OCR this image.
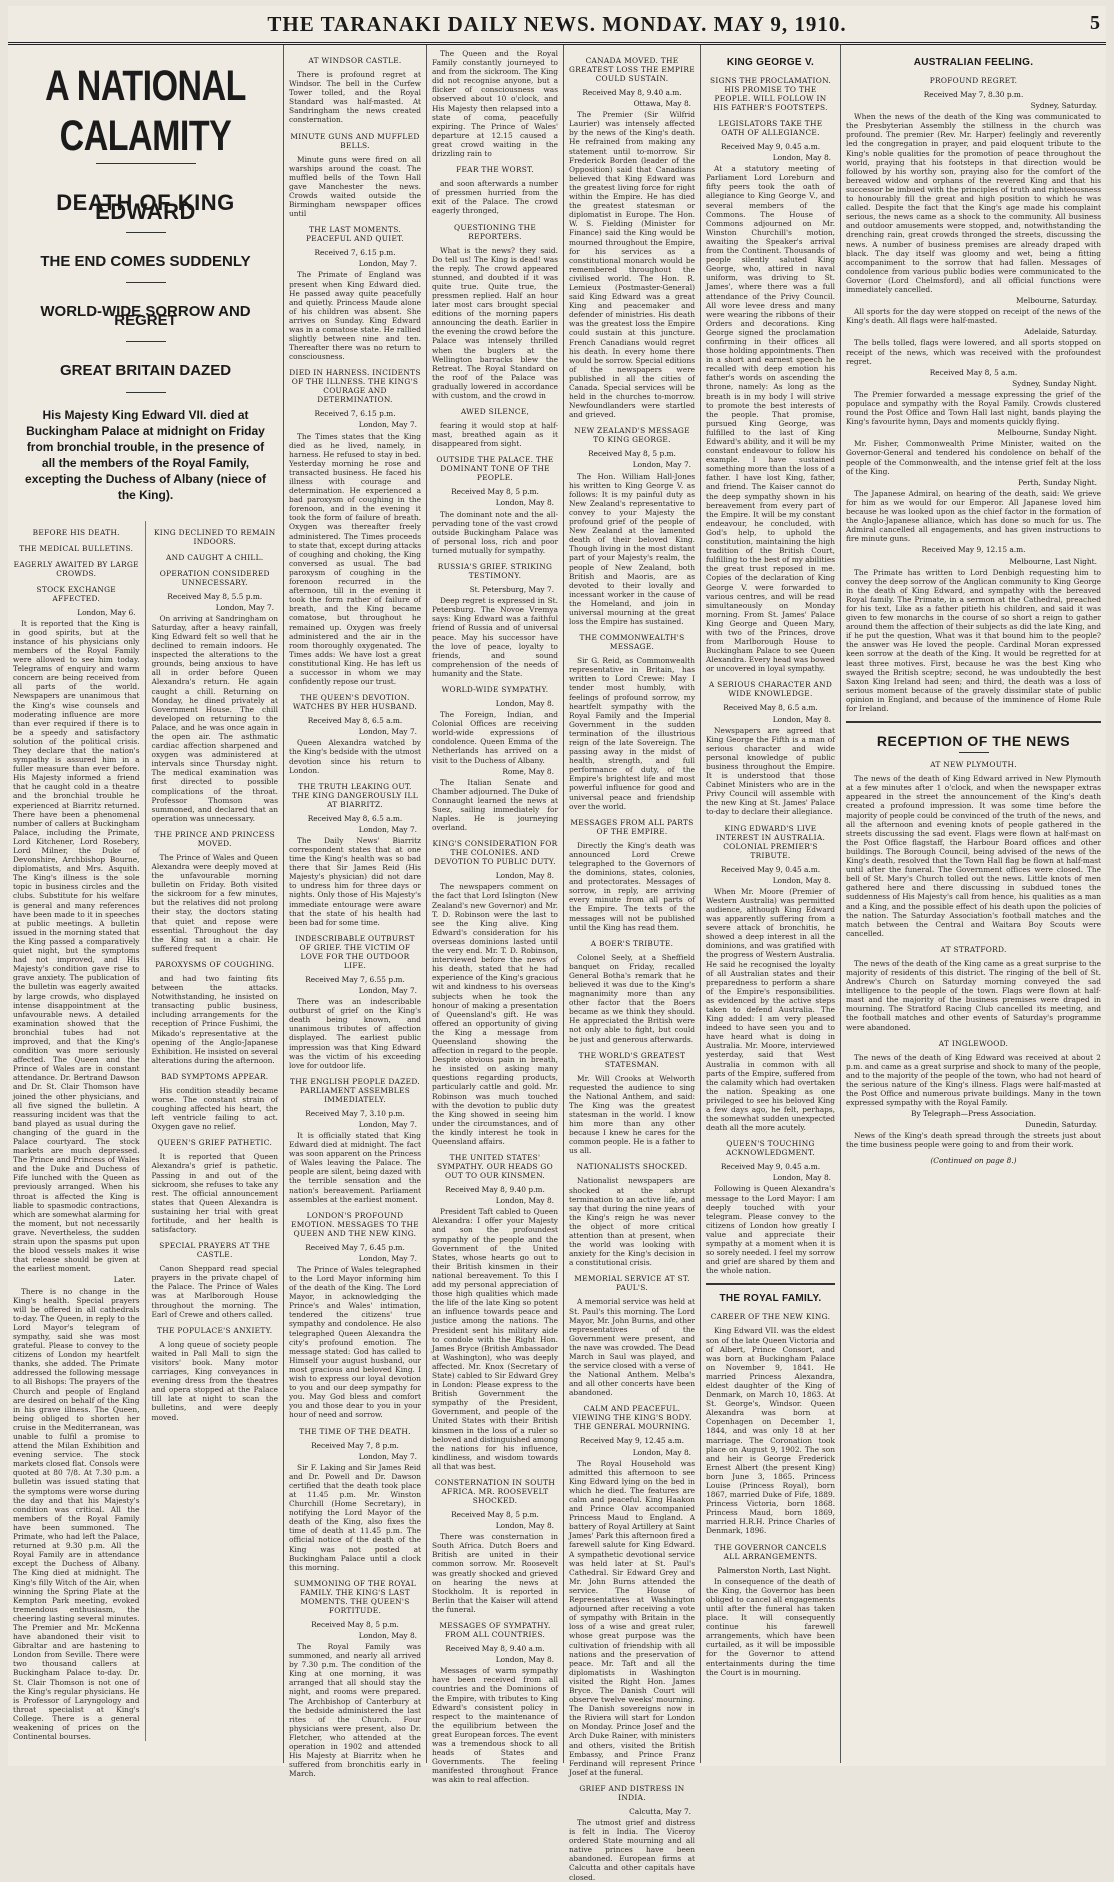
THE TARANAKI DAILY NEWS. MONDAY. MAY 9, 1910.	5
A NATIONAL CALAMITY
DEATH OF KING EDWARD
THE END COMES SUDDENLY
WORLD-WIDE SORROW AND REGRET
GREAT BRITAIN DAZED
His Majesty King Edward VII. died at Buckingham Palace at midnight on Friday from bronchial trouble, in the presence of all the members of the Royal Family, excepting the Duchess of Albany (niece of the King).
BEFORE HIS DEATH.
THE MEDICAL BULLETINS.
EAGERLY AWAITED BY LARGE CROWDS.
STOCK EXCHANGE AFFECTED.
London, May 6.

It is reported that the King is in good spirits, but at the instance of his physicians only members of the Royal Family were allowed to see him today. Telegrams of enquiry and warm concern are being received from all parts of the world. Newspapers are unanimous that the King's wise counsels and moderating influence are more than ever required if there is to be a speedy and satisfactory solution of the political crisis. They declare that the nation's sympathy is assured him in a fuller measure than ever before. His Majesty informed a friend that he caught cold in a theatre and the bronchial trouble he experienced at Biarritz returned. There have been a phenomenal number of callers at Buckingham Palace, including the Primate, Lord Kitchener, Lord Rosebery, Lord Milner, the Duke of Devonshire, Archbishop Bourne, diplomatists, and Mrs. Asquith. The King's illness is the sole topic in business circles and the clubs. Substitute for his welfare is general and many references have been made to it in speeches at public meetings. A bulletin issued in the morning stated that the King passed a comparatively quiet night, but the symptoms had not improved, and His Majesty's condition gave rise to grave anxiety. The publication of the bulletin was eagerly awaited by large crowds, who displayed intense disappointment at the unfavourable news. A detailed examination showed that the bronchial tubes had not improved, and that the King's condition was more seriously affected. The Queen and the Prince of Wales are in constant attendance. Dr. Bertrand Dawson and Dr. St. Clair Thomson have joined the other physicians, and all five signed the bulletin. A reassuring incident was that the band played as usual during the changing of the guard in the Palace courtyard. The stock markets are much depressed. The Prince and Princess of Wales and the Duke and Duchess of Fife lunched with the Queen as previously arranged. When his throat is affected the King is liable to spasmodic contractions, which are somewhat alarming for the moment, but not necessarily grave. Nevertheless, the sudden strain upon the spasms put upon the blood vessels makes it wise that release should be given at the earliest moment.

Later.

There is no change in the King's health. Special prayers will be offered in all cathedrals to-day. The Queen, in reply to the Lord Mayor's telegram of sympathy, said she was most grateful. Please to convey to the citizens of London my heartfelt thanks, she added. The Primate addressed the following message to all Bishops: The prayers of the Church and people of England are desired on behalf of the King in his grave illness. The Queen, being obliged to shorten her cruise in the Mediterranean, was unable to fulfil a promise to attend the Milan Exhibition and evening service. The stock markets closed flat. Consols were quoted at 80 7/8. At 7.30 p.m. a bulletin was issued stating that the symptoms were worse during the day and that his Majesty's condition was critical. All the members of the Royal Family have been summoned. The Primate, who had left the Palace, returned at 9.30 p.m. All the Royal Family are in attendance except the Duchess of Albany. The King died at midnight. The King's filly Witch of the Air, when winning the Spring Plate at the Kempton Park meeting, evoked tremendous enthusiasm, the cheering lasting several minutes. The Premier and Mr. McKenna have abandoned their visit to Gibraltar and are hastening to London from Seville. There were two thousand callers at Buckingham Palace to-day. Dr. St. Clair Thomson is not one of the King's regular physicians. He is Professor of Laryngology and throat specialist at King's College. There is a general weakening of prices on the Continental bourses.

KING DECLINED TO REMAIN INDOORS.
AND CAUGHT A CHILL.
OPERATION CONSIDERED UNNECESSARY.
Received May 8, 5.5 p.m.
London, May 7.

On arriving at Sandringham on Saturday, after a heavy rainfall, King Edward felt so well that he declined to remain indoors. He inspected the alterations to the grounds, being anxious to have all in order before Queen Alexandra's return. He again caught a chill. Returning on Monday, he dined privately at Government House. The chill developed on returning to the Palace, and he was once again in the open air. The asthmatic cardiac affection sharpened and oxygen was administered at intervals since Thursday night. The medical examination was first directed to possible complications of the throat. Professor Thomson was summoned, and declared that an operation was unnecessary.

THE PRINCE AND PRINCESS MOVED.

The Prince of Wales and Queen Alexandra were deeply moved at the unfavourable morning bulletin on Friday. Both visited the sickroom for a few minutes, but the relatives did not prolong their stay, the doctors stating that quiet and repose were essential. Throughout the day the King sat in a chair. He suffered frequent

PAROXYSMS OF COUGHING.

and had two fainting fits between the attacks. Notwithstanding, he insisted on transacting public business, including arrangements for the reception of Prince Fushimi, the Mikado's representative at the opening of the Anglo-Japanese Exhibition. He insisted on several alterations during the afternoon.

BAD SYMPTOMS APPEAR.

His condition steadily became worse. The constant strain of coughing affected his heart, the left ventricle failing to act. Oxygen gave no relief.

QUEEN'S GRIEF PATHETIC.

It is reported that Queen Alexandra's grief is pathetic. Passing in and out of the sickroom, she refuses to take any rest. The official announcement states that Queen Alexandra is sustaining her trial with great fortitude, and her health is satisfactory.

SPECIAL PRAYERS AT THE CASTLE.

Canon Sheppard read special prayers in the private chapel of the Palace. The Prince of Wales was at Marlborough House throughout the morning. The Earl of Crewe and others called.

THE POPULACE'S ANXIETY.

A long queue of society people waited in Pall Mall to sign the visitors' book. Many motor carriages, King conveyances in evening dress from the theatres and opera stopped at the Palace till late at night to scan the bulletins, and were deeply moved.

AT WINDSOR CASTLE.

There is profound regret at Windsor. The bell in the Curfew Tower tolled, and the Royal Standard was half-masted. At Sandringham the news created consternation.

MINUTE GUNS AND MUFFLED BELLS.

Minute guns were fired on all warships around the coast. The muffled bells of the Town Hall gave Manchester the news. Crowds waited outside the Birmingham newspaper offices until

THE LAST MOMENTS. PEACEFUL AND QUIET.
Received 7, 6.15 p.m.
London, May 7.

The Primate of England was present when King Edward died. He passed away quite peacefully and quietly. Princess Maude alone of his children was absent. She arrives on Sunday. King Edward was in a comatose state. He rallied slightly between nine and ten. Thereafter there was no return to consciousness.

DIED IN HARNESS. INCIDENTS OF THE ILLNESS. THE KING'S COURAGE AND DETERMINATION.
Received 7, 6.15 p.m.
London, May 7.

The Times states that the King died as he lived, namely, in harness. He refused to stay in bed. Yesterday morning he rose and transacted business. He faced his illness with courage and determination. He experienced a bad paroxysm of coughing in the forenoon, and in the evening it took the form of failure of breath. Oxygen was thereafter freely administered. The Times proceeds to state that, except during attacks of coughing and choking, the King conversed as usual. The bad paroxysm of coughing in the forenoon recurred in the afternoon, till in the evening it took the form rather of failure of breath, and the King became comatose, but throughout he remained up. Oxygen was freely administered and the air in the room thoroughly oxygenated. The Times adds: We have lost a great constitutional King. He has left us a successor in whom we may confidently repose our trust.

THE QUEEN'S DEVOTION. WATCHES BY HER HUSBAND.
Received May 8, 6.5 a.m.
London, May 7.

Queen Alexandra watched by the King's bedside with the utmost devotion since his return to London.

THE TRUTH LEAKING OUT. THE KING DANGEROUSLY ILL AT BIARRITZ.
Received May 8, 6.5 a.m.
London, May 7.

The Daily News' Biarritz correspondent states that at one time the King's health was so bad there that Sir James Reid (His Majesty's physician) did not dare to undress him for three days or nights. Only those of His Majesty's immediate entourage were aware that the state of his health had been bad for some time.

INDESCRIBABLE OUTBURST OF GRIEF. THE VICTIM OF LOVE FOR THE OUTDOOR LIFE.
Received May 7, 6.55 p.m.
London, May 7.

There was an indescribable outburst of grief on the King's death being known, and unanimous tributes of affection displayed. The earliest public impression was that King Edward was the victim of his exceeding love for outdoor life.

THE ENGLISH PEOPLE DAZED. PARLIAMENT ASSEMBLES IMMEDIATELY.
Received May 7, 3.10 p.m.
London, May 7.

It is officially stated that King Edward died at midnight. The fact was soon apparent on the Princess of Wales leaving the Palace. The people are silent, being dazed with the terrible sensation and the nation's bereavement. Parliament assembles at the earliest moment.

LONDON'S PROFOUND EMOTION. MESSAGES TO THE QUEEN AND THE NEW KING.
Received May 7, 6.45 p.m.
London, May 7.

The Prince of Wales telegraphed to the Lord Mayor informing him of the death of the King. The Lord Mayor, in acknowledging the Prince's and Wales' intimation, tendered the citizens' true sympathy and condolence. He also telegraphed Queen Alexandra the city's profound emotion. The message stated: God has called to Himself your august husband, our most gracious and beloved King. I wish to express our loyal devotion to you and our deep sympathy for you. May God bless and comfort you and those dear to you in your hour of need and sorrow.

THE TIME OF THE DEATH.
Received May 7, 8 p.m.
London, May 7.

Sir F. Laking and Sir James Reid and Dr. Powell and Dr. Dawson certified that the death took place at 11.45 p.m. Mr. Winston Churchill (Home Secretary), in notifying the Lord Mayor of the death of the King, also fixes the time of death at 11.45 p.m. The official notice of the death of the King was not posted at Buckingham Palace until a clock this morning.

SUMMONING OF THE ROYAL FAMILY. THE KING'S LAST MOMENTS. THE QUEEN'S FORTITUDE.
Received May 8, 5 p.m.
London, May 8.

The Royal Family was summoned, and nearly all arrived by 7.30 p.m. The condition of the King at one morning, it was arranged that all should stay the night, and rooms were prepared. The Archbishop of Canterbury at the bedside administered the last rites of the Church. Four physicians were present, also Dr. Fletcher, who attended at the operation in 1902 and attended His Majesty at Biarritz when he suffered from bronchitis early in March.

The Queen and the Royal Family constantly journeyed to and from the sickroom. The King did not recognise anyone, but a flicker of consciousness was observed about 10 o'clock, and His Majesty then relapsed into a state of coma, peacefully expiring. The Prince of Wales' departure at 12.15 caused a great crowd waiting in the drizzling rain to

FEAR THE WORST.

and soon afterwards a number of pressmen hurried from the exit of the Palace. The crowd eagerly thronged,

QUESTIONING THE REPORTERS.

What is the news? they said. Do tell us! The King is dead! was the reply. The crowd appeared stunned, and doubted if it was quite true. Quite true, the pressmen replied. Half an hour later most cars brought special editions of the morning papers announcing the death. Earlier in the evening the crowd before the Palace was intensely thrilled when the buglers at the Wellington barracks blew the Retreat. The Royal Standard on the roof of the Palace was gradually lowered in accordance with custom, and the crowd in

AWED SILENCE,

fearing it would stop at half-mast, breathed again as it disappeared from sight.

OUTSIDE THE PALACE. THE DOMINANT TONE OF THE PEOPLE.
Received May 8, 5 p.m.
London, May 8.

The dominant note and the all-pervading tone of the vast crowd outside Buckingham Palace was of personal loss, rich and poor turned mutually for sympathy.

RUSSIA'S GRIEF. STRIKING TESTIMONY.
St. Petersburg, May 7.

Deep regret is expressed in St. Petersburg. The Novoe Vremya says: King Edward was a faithful friend of Russia and of universal peace. May his successor have the love of peace, loyalty to friends, and sound comprehension of the needs of humanity and the State.

WORLD-WIDE SYMPATHY.
London, May 8.

The Foreign, Indian, and Colonial Offices are receiving world-wide expressions of condolence. Queen Emma of the Netherlands has arrived on a visit to the Duchess of Albany.

Rome, May 8.

The Italian Senate and Chamber adjourned. The Duke of Connaught learned the news at Suez, sailing immediately for Naples. He is journeying overland.

KING'S CONSIDERATION FOR THE COLONIES. AND DEVOTION TO PUBLIC DUTY.
London, May 8.

The newspapers comment on the fact that Lord Islington (New Zealand's new Governor) and Mr. T. D. Robinson were the last to see the King alive. King Edward's consideration for his overseas dominions lasted until the very end. Mr. T. D. Robinson, interviewed before the news of his death, stated that he had experience of the King's gracious wit and kindness to his overseas subjects when he took the honour of making a presentation of Queensland's gift. He was offered an opportunity of giving the King a message from Queensland showing the affection in regard to the people. Despite obvious pain in breath, he insisted on asking many questions regarding products, particularly cattle and gold. Mr. Robinson was much touched with the devotion to public duty the King showed in seeing him under the circumstances, and of the kindly interest he took in Queensland affairs.

THE UNITED STATES' SYMPATHY. OUR HEADS GO OUT TO OUR KINSMEN.
Received May 8, 9.40 p.m.
London, May 8.

President Taft cabled to Queen Alexandra: I offer your Majesty and son the profoundest sympathy of the people and the Government of the United States, whose hearts go out to their British kinsmen in their national bereavement. To this I add my personal appreciation of those high qualities which made the life of the late King so potent an influence towards peace and justice among the nations. The President sent his military aide to condole with the Right Hon. James Bryce (British Ambassador at Washington), who was deeply affected. Mr. Knox (Secretary of State) cabled to Sir Edward Grey in London: Please express to the British Government the sympathy of the President, Government, and people of the United States with their British kinsmen in the loss of a ruler so beloved and distinguished among the nations for his influence, kindliness, and wisdom towards all that was best.

CONSTERNATION IN SOUTH AFRICA. MR. ROOSEVELT SHOCKED.
Received May 8, 5 p.m.
London, May 8.

There was consternation in South Africa. Dutch Boers and British are united in their common sorrow. Mr. Roosevelt was greatly shocked and grieved on hearing the news at Stockholm. It is reported in Berlin that the Kaiser will attend the funeral.

MESSAGES OF SYMPATHY. FROM ALL COUNTRIES.
Received May 8, 9.40 a.m.
London, May 8.

Messages of warm sympathy have been received from all countries and the Dominions of the Empire, with tributes to King Edward's consistent policy in respect to the maintenance of the equilibrium between the great European forces. The event was a tremendous shock to all heads of States and Governments. The feeling manifested throughout France was akin to real affection.

CANADA MOVED. THE GREATEST LOSS THE EMPIRE COULD SUSTAIN.
Received May 8, 9.40 a.m.
Ottawa, May 8.

The Premier (Sir Wilfrid Laurier) was intensely affected by the news of the King's death. He refrained from making any statement until to-morrow. Sir Frederick Borden (leader of the Opposition) said that Canadians believed that King Edward was the greatest living force for right within the Empire. He has died the greatest statesman or diplomatist in Europe. The Hon. W. S. Fielding (Minister for Finance) said the King would be mourned throughout the Empire, for his services as a constitutional monarch would be remembered throughout the civilised world. The Hon. R. Lemieux (Postmaster-General) said King Edward was a great King and peacemaker and defender of ministries. His death was the greatest loss the Empire could sustain at this juncture. French Canadians would regret his death. In every home there would be sorrow. Special editions of the newspapers were published in all the cities of Canada. Special services will be held in the churches to-morrow. Newfoundlanders were startled and grieved.

NEW ZEALAND'S MESSAGE TO KING GEORGE.
Received May 8, 5 p.m.
London, May 7.

The Hon. William Hall-Jones his written to King George V. as follows: It is my painful duty as New Zealand's representative to convey to your Majesty the profound grief of the people of New Zealand at the lamented death of their beloved King. Though living in the most distant part of your Majesty's realm, the people of New Zealand, both British and Maoris, are as devoted to their lovally and incessant worker in the cause of the Homeland, and join in universal mourning at the great loss the Empire has sustained.

THE COMMONWEALTH'S MESSAGE.

Sir G. Reid, as Commonwealth representative in Britain, has written to Lord Crewe: May I tender most humbly, with feelings of profound sorrow, my heartfelt sympathy with the Royal Family and the Imperial Government in the sudden termination of the illustrious reign of the late Sovereign. The passing away in the midst of health, strength, and full performance of duty, of the Empire's brightest life and most powerful influence for good and universal peace and friendship over the world.

MESSAGES FROM ALL PARTS OF THE EMPIRE.

Directly the King's death was announced Lord Crewe telegraphed to the Governors of the dominions, states, colonies, and protectorates. Messages of sorrow, in reply, are arriving every minute from all parts of the Empire. The texts of the messages will not be published until the King has read them.

A BOER'S TRIBUTE.

Colonel Seely, at a Sheffield banquet on Friday, recalled General Botha's remark that he believed it was due to the King's magnanimity more than any other factor that the Boers became as we think they should. He appreciated the British were not only able to fight, but could be just and generous afterwards.

THE WORLD'S GREATEST STATESMAN.

Mr. Will Crooks at Welworth requested the audience to sing the National Anthem, and said: The King was the greatest statesman in the world. I know him more than any other because I knew he cares for the common people. He is a father to us all.

NATIONALISTS SHOCKED.

Nationalist newspapers are shocked at the abrupt termination to an active life, and say that during the nine years of the King's reign he was never the object of more critical attention than at present, when the world was looking with anxiety for the King's decision in a constitutional crisis.

MEMORIAL SERVICE AT ST. PAUL'S.

A memorial service was held at St. Paul's this morning. The Lord Mayor, Mr. John Burns, and other representatives of the Government were present, and the nave was crowded. The Dead March in Saul was played, and the service closed with a verse of the National Anthem. Melba's and all other concerts have been abandoned.

CALM AND PEACEFUL. VIEWING THE KING'S BODY. THE GENERAL MOURNING.
Received May 9, 12.45 a.m.
London, May 8.

The Royal Household was admitted this afternoon to see King Edward lying on the bed in which he died. The features are calm and peaceful. King Haakon and Prince Olav accompanied Princess Maud to England. A battery of Royal Artillery at Saint James' Park this afternoon fired a farewell salute for King Edward. A sympathetic devotional service was held later at St. Paul's Cathedral. Sir Edward Grey and Mr. John Burns attended the service. The House of Representatives at Washington adjourned after receiving a vote of sympathy with Britain in the loss of a wise and great ruler, whose great purpose was the cultivation of friendship with all nations and the preservation of peace. Mr. Taft and all the diplomatists in Washington visited the Right Hon. James Bryce. The Danish Court will observe twelve weeks' mourning. The Danish sovereigns now in the Riviera will start for London on Monday. Prince Josef and the Arch Duke Rainer, with ministers and others, visited the British Embassy, and Prince Franz Ferdinand will represent Prince Josef at the funeral.

GRIEF AND DISTRESS IN INDIA.
Calcutta, May 7.

The utmost grief and distress is felt in India. The Viceroy ordered State mourning and all native princes have been abandoned. European firms at Calcutta and other capitals have closed.

KING GEORGE V.
SIGNS THE PROCLAMATION. HIS PROMISE TO THE PEOPLE. WILL FOLLOW IN HIS FATHER'S FOOTSTEPS.
LEGISLATORS TAKE THE OATH OF ALLEGIANCE.
Received May 9, 0.45 a.m.
London, May 8.

At a statutory meeting of Parliament Lord Loreburn and fifty peers took the oath of allegiance to King George V., and several members of the Commons. The House of Commons adjourned on Mr. Winston Churchill's motion, awaiting the Speaker's arrival from the Continent. Thousands of people silently saluted King George, who, attired in naval uniform, was driving to St. James', where there was a full attendance of the Privy Council. All wore levee dress and many were wearing the ribbons of their Orders and decorations. King George signed the proclamation confirming in their offices all those holding appointments. Then in a short and earnest speech he recalled with deep emotion his father's words on ascending the throne, namely: As long as the breath is in my body I will strive to promote the best interests of the people. That promise, pursued King George, was fulfilled to the last of King Edward's ability, and it will be my constant endeavour to follow his example. I have sustained something more than the loss of a father. I have lost King, father, and friend. The Kaiser cannot do the deep sympathy shown in his bereavement from every part of the Empire. It will be my constant endeavour, he concluded, with God's help, to uphold the constitution, maintaining the high tradition of the British Court, fulfilling to the best of my abilities the great trust reposed in me. Copies of the declaration of King George V. were forwarded to various centres, and will be read simultaneously on Monday morning. From St. James' Palace King George and Queen Mary, with two of the Princes, drove from Marlborough House to Buckingham Palace to see Queen Alexandra. Every head was bowed or uncovered in loyal sympathy.

A SERIOUS CHARACTER AND WIDE KNOWLEDGE.
Received May 8, 6.5 a.m.
London, May 8.

Newspapers are agreed that King George the Fifth is a man of serious character and wide personal knowledge of public business throughout the Empire. It is understood that those Cabinet Ministers who are in the Privy Council will assemble with the new King at St. James' Palace to-day to declare their allegiance.

KING EDWARD'S LIVE INTEREST IN AUSTRALIA. COLONIAL PREMIER'S TRIBUTE.
Received May 9, 0.45 a.m.
London, May 8.

When Mr. Moore (Premier of Western Australia) was permitted audience, although King Edward was apparently suffering from a severe attack of bronchitis, he showed a deep interest in all the dominions, and was gratified with the progress of Western Australia. He said he recognised the loyalty of all Australian states and their preparedness to perform a share of the Empire's responsibilities. as evidenced by the active steps taken to defend Australia. The King added: I am very pleased indeed to have seen you and to have heard what is doing in Australia. Mr. Moore, interviewed yesterday, said that West Australia in common with all parts of the Empire, suffered from the calamity which had overtaken the nation. Speaking as one privileged to see his beloved King a few days ago, he felt, perhaps, the somewhat sudden unexpected death all the more acutely.

QUEEN'S TOUCHING ACKNOWLEDGMENT.
Received May 9, 0.45 a.m.
London, May 8.

Following is Queen Alexandra's message to the Lord Mayor: I am deeply touched with your telegram. Please convey to the citizens of London how greatly I value and appreciate their sympathy at a moment when it is so sorely needed. I feel my sorrow and grief are shared by them and the whole nation.

THE ROYAL FAMILY.
CAREER OF THE NEW KING.

King Edward VII. was the eldest son of the late Queen Victoria and of Albert, Prince Consort, and was born at Buckingham Palace on November 9, 1841. He married Princess Alexandra, eldest daughter of the King of Denmark, on March 10, 1863. At St. George's, Windsor. Queen Alexandra was born at Copenhagen on December 1, 1844, and was only 18 at her marriage. The Coronation took place on August 9, 1902. The son and heir is George Frederick Ernest Albert (the present King) born June 3, 1865. Princess Louise (Princess Royal), born 1867, married Duke of Fife, 1889. Princess Victoria, born 1868. Princess Maud, born 1869, married H.R.H. Prince Charles of Denmark, 1896.

THE GOVERNOR CANCELS ALL ARRANGEMENTS.
Palmerston North, Last Night.

In consequence of the death of the King, the Governor has been obliged to cancel all engagements until after the funeral has taken place. It will consequently continue his farewell arrangements, which have been curtailed, as it will be impossible for the Governor to attend entertainments during the time the Court is in mourning.

AUSTRALIAN FEELING.
PROFOUND REGRET.
Received May 7, 8.30 p.m.
Sydney, Saturday.

When the news of the death of the King was communicated to the Presbyterian Assembly the stillness in the church was profound. The premier (Rev. Mr. Harper) feelingly and reverently led the congregation in prayer, and paid eloquent tribute to the King's noble qualities for the promotion of peace throughout the world, praying that his footsteps in that direction would be followed by his worthy son, praying also for the comfort of the bereaved widow and orphans of the revered King and that his successor be imbued with the principles of truth and righteousness to honourably fill the great and high position to which he was called. Despite the fact that the King's age made his complaint serious, the news came as a shock to the community. All business and outdoor amusements were stopped, and, notwithstanding the drenching rain, great crowds thronged the streets, discussing the news. A number of business premises are already draped with black. The day itself was gloomy and wet, being a fitting accompaniment to the sorrow that had fallen. Messages of condolence from various public bodies were communicated to the Governor (Lord Chelmsford), and all official functions were immediately cancelled.

Melbourne, Saturday.

All sports for the day were stopped on receipt of the news of the King's death. All flags were half-masted.

Adelaide, Saturday.

The bells tolled, flags were lowered, and all sports stopped on receipt of the news, which was received with the profoundest regret.

Received May 8, 5 a.m.
Sydney, Sunday Night.

The Premier forwarded a message expressing the grief of the populace and sympathy with the Royal Family. Crowds clustered round the Post Office and Town Hall last night, bands playing the King's favourite hymn, Days and moments quickly flying.

Melbourne, Sunday Night.

Mr. Fisher, Commonwealth Prime Minister, waited on the Governor-General and tendered his condolence on behalf of the people of the Commonwealth, and the intense grief felt at the loss of the King.

Perth, Sunday Night.

The Japanese Admiral, on hearing of the death, said: We grieve for him as we would for our Emperor. All Japanese loved him because he was looked upon as the chief factor in the formation of the Anglo-Japanese alliance, which has done so much for us. The Admiral cancelled all engagements, and has given instructions to fire minute guns.

Received May 9, 12.15 a.m.
Melbourne, Last Night.

The Primate has written to Lord Denbigh requesting him to convey the deep sorrow of the Anglican community to King George in the death of King Edward, and sympathy with the bereaved Royal family. The Primate, in a sermon at the Cathedral, preached for his text, Like as a father pitieth his children, and said it was given to few monarchs in the course of so short a reign to gather around them the affection of their subjects as did the late King, and if he put the question, What was it that bound him to the people? the answer was He loved the people. Cardinal Moran expressed keen sorrow at the death of the King. It would be regretted for at least three motives. First, because he was the best King who swayed the British sceptre; second, he was undoubtedly the best Saxon King Ireland had seen; and third, the death was a loss of serious moment because of the gravely dissimilar state of public opinion in England, and because of the imminence of Home Rule for Ireland.

RECEPTION OF THE NEWS
AT NEW PLYMOUTH.

The news of the death of King Edward arrived in New Plymouth at a few minutes after 1 o'clock, and when the newspaper extras appeared in the street the announcement of the King's death created a profound impression. It was some time before the majority of people could be convinced of the truth of the news, and all the afternoon and evening knots of people gathered in the streets discussing the sad event. Flags were flown at half-mast on the Post Office flagstaff, the Harbour Board offices and other buildings. The Borough Council, being advised of the news of the King's death, resolved that the Town Hall flag be flown at half-mast until after the funeral. The Government offices were closed. The bell of St. Mary's Church tolled out the news. Little knots of men gathered here and there discussing in subdued tones the suddenness of His Majesty's call from hence, his qualities as a man and a King, and the possible effect of his death upon the policies of the nation. The Saturday Association's football matches and the match between the Central and Waitara Boy Scouts were cancelled.

AT STRATFORD.

The news of the death of the King came as a great surprise to the majority of residents of this district. The ringing of the bell of St. Andrew's Church on Saturday morning conveyed the sad intelligence to the people of the town. Flags were flown at half-mast and the majority of the business premises were draped in mourning. The Stratford Racing Club cancelled its meeting, and the football matches and other events of Saturday's programme were abandoned.

AT INGLEWOOD.

The news of the death of King Edward was received at about 2 p.m. and came as a great surprise and shock to many of the people, and to the majority of the people of the town, who had not heard of the serious nature of the King's illness. Flags were half-masted at the Post Office and numerous private buildings. Many in the town expressed sympathy with the Royal Family.

By Telegraph—Press Association.
Dunedin, Saturday.

News of the King's death spread through the streets just about the time business people were going to and from their work.

(Continued on page 8.)
